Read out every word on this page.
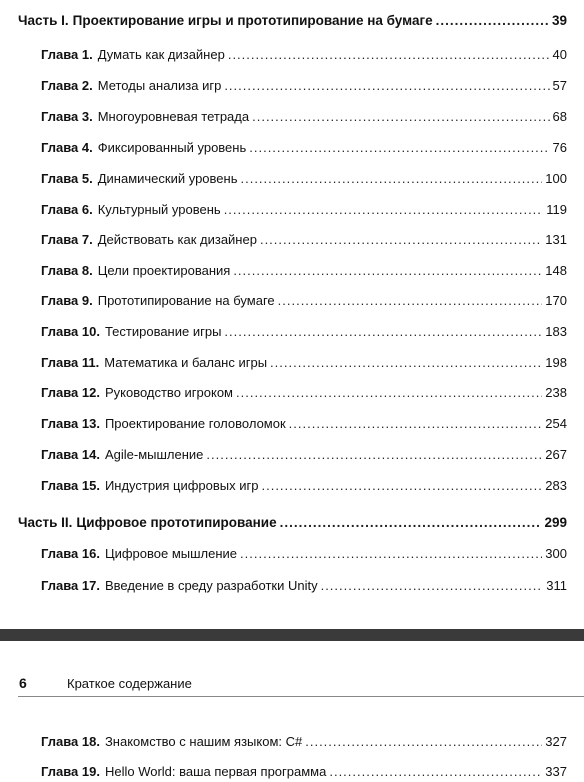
Часть I. Проектирование игры и прототипирование на бумаге .....	39
Глава 1. Думать как дизайнер .....	40
Глава 2. Методы анализа игр .....	57
Глава 3. Многоуровневая тетрада .....	68
Глава 4. Фиксированный уровень .....	76
Глава 5. Динамический уровень .....	100
Глава 6. Культурный уровень .....	119
Глава 7. Действовать как дизайнер .....	131
Глава 8. Цели проектирования .....	148
Глава 9. Прототипирование на бумаге .....	170
Глава 10. Тестирование игры .....	183
Глава 11. Математика и баланс игры .....	198
Глава 12. Руководство игроком .....	238
Глава 13. Проектирование головоломок .....	254
Глава 14. Agile-мышление .....	267
Глава 15. Индустрия цифровых игр .....	283
Часть II. Цифровое прототипирование .....	299
Глава 16. Цифровое мышление .....	300
Глава 17. Введение в среду разработки Unity .....	311
6	Краткое содержание
Глава 18. Знакомство с нашим языком: C# .....	327
Глава 19. Hello World: ваша первая программа .....	337
